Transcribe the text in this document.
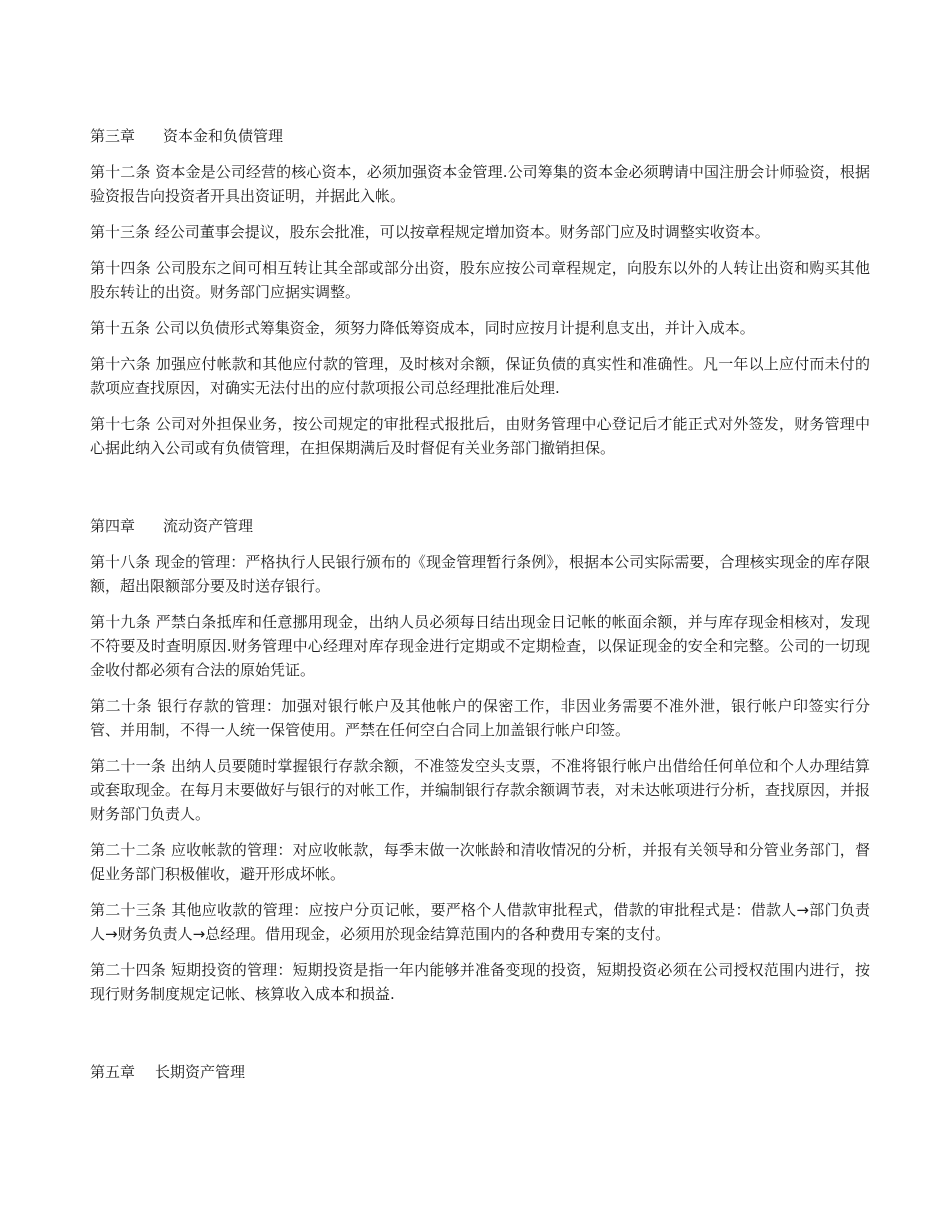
第三章 资本金和负债管理

第十二条 资本金是公司经营的核心资本，必须加强资本金管理.公司筹集的资本金必须聘请中国注册会计师验资，根据验资报告向投资者开具出资证明，并据此入帐。

第十三条 经公司董事会提议，股东会批准，可以按章程规定增加资本。财务部门应及时调整实收资本。

第十四条 公司股东之间可相互转让其全部或部分出资，股东应按公司章程规定，向股东以外的人转让出资和购买其他股东转让的出资。财务部门应据实调整。

第十五条 公司以负债形式筹集资金，须努力降低筹资成本，同时应按月计提利息支出，并计入成本。

第十六条 加强应付帐款和其他应付款的管理，及时核对余额，保证负债的真实性和准确性。凡一年以上应付而未付的款项应查找原因，对确实无法付出的应付款项报公司总经理批准后处理.

第十七条 公司对外担保业务，按公司规定的审批程式报批后，由财务管理中心登记后才能正式对外签发，财务管理中心据此纳入公司或有负债管理，在担保期满后及时督促有关业务部门撤销担保。

第四章 流动资产管理

第十八条 现金的管理：严格执行人民银行颁布的《现金管理暂行条例》，根据本公司实际需要，合理核实现金的库存限额，超出限额部分要及时送存银行。

第十九条 严禁白条抵库和任意挪用现金，出纳人员必须每日结出现金日记帐的帐面余额，并与库存现金相核对，发现不符要及时查明原因.财务管理中心经理对库存现金进行定期或不定期检查，以保证现金的安全和完整。公司的一切现金收付都必须有合法的原始凭证。

第二十条 银行存款的管理：加强对银行帐户及其他帐户的保密工作，非因业务需要不准外泄，银行帐户印签实行分管、并用制，不得一人统一保管使用。严禁在任何空白合同上加盖银行帐户印签。

第二十一条 出纳人员要随时掌握银行存款余额，不准签发空头支票，不准将银行帐户出借给任何单位和个人办理结算或套取现金。在每月末要做好与银行的对帐工作，并编制银行存款余额调节表，对未达帐项进行分析，查找原因，并报财务部门负责人。

第二十二条 应收帐款的管理：对应收帐款，每季末做一次帐龄和清收情况的分析，并报有关领导和分管业务部门，督促业务部门积极催收，避开形成坏帐。

第二十三条 其他应收款的管理：应按户分页记帐，要严格个人借款审批程式，借款的审批程式是：借款人→部门负责人→财务负责人→总经理。借用现金，必须用於现金结算范围内的各种费用专案的支付。

第二十四条 短期投资的管理：短期投资是指一年内能够并准备变现的投资，短期投资必须在公司授权范围内进行，按现行财务制度规定记帐、核算收入成本和损益.

第五章 长期资产管理
